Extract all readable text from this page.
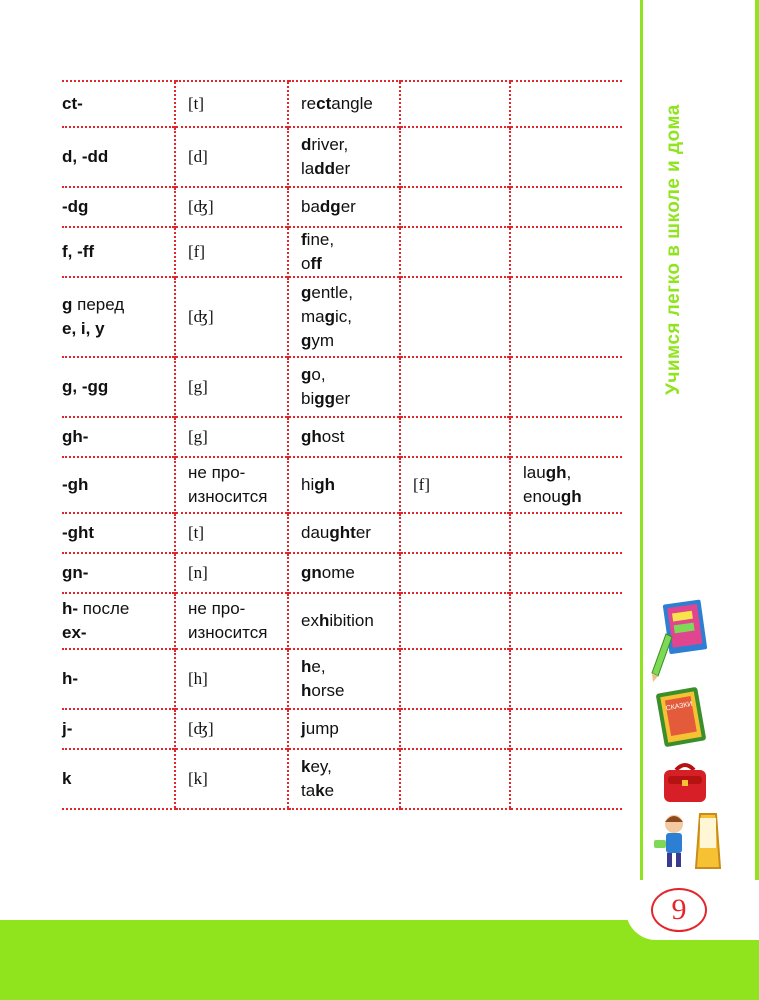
Учимся легко в школе и дома
9
ct-	[t]	rectangle		
d, -dd	[d]	driver,
ladder		
-dg	[ʤ]	badger		
f, -ff	[f]	fine,
off		
g перед
e, i, y	[ʤ]	gentle,
magic,
gym		
g, -gg	[g]	go,
bigger		
gh-	[g]	ghost		
-gh	не про-
износится	high	[f]	laugh,
enough
-ght	[t]	daughter		
gn-	[n]	gnome		
h- после
ex-	не про-
износится	exhibition		
h-	[h]	he,
horse		
j-	[ʤ]	jump		
k	[k]	key,
take		
СКАЗКИ
